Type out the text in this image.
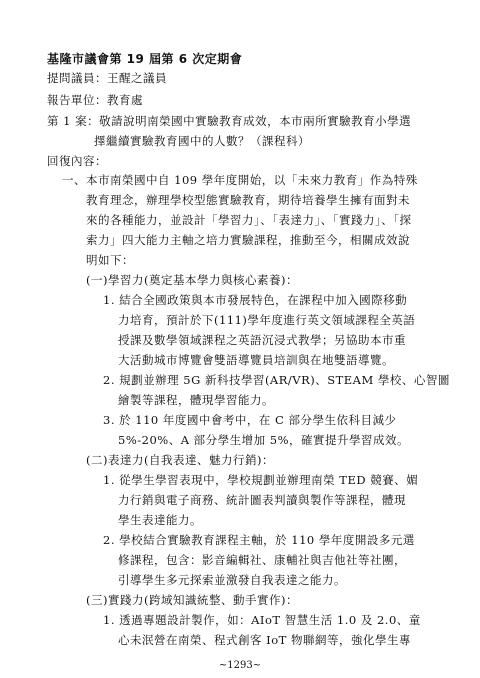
基隆市議會第 19 屆第 6 次定期會
提問議員：王醒之議員
報告單位：教育處
第 1 案：敬請說明南榮國中實驗教育成效，本市兩所實驗教育小學選
擇繼續實驗教育國中的人數？（課程科）
回復內容：
一、本市南榮國中自 109 學年度開始，以「未來力教育」作為特殊
教育理念，辦理學校型態實驗教育，期待培養學生擁有面對未
來的各種能力，並設計「學習力」、「表達力」、「實踐力」、「探
索力」四大能力主軸之培力實驗課程，推動至今，相關成效說
明如下：
(一)學習力(奠定基本學力與核心素養)：
1. 結合全國政策與本市發展特色，在課程中加入國際移動
力培育，預計於下(111)學年度進行英文領域課程全英語
授課及數學領域課程之英語沉浸式教學；另協助本市重
大活動城市博覽會雙語導覽員培訓與在地雙語導覽。
2. 規劃並辦理 5G 新科技學習(AR/VR)、STEAM 學校、心智圖
繪製等課程，體現學習能力。
3. 於 110 年度國中會考中，在 C 部分學生依科目減少
5%-20%、A 部分學生增加 5%，確實提升學習成效。
(二)表達力(自我表達、魅力行銷)：
1. 從學生學習表現中，學校規劃並辦理南榮 TED 競賽、媚
力行銷與電子商務、統計圖表判讀與製作等課程，體現
學生表達能力。
2. 學校結合實驗教育課程主軸，於 110 學年度開設多元選
修課程，包含：影音編輯社、康輔社與吉他社等社團，
引導學生多元探索並激發自我表達之能力。
(三)實踐力(跨域知識統整、動手實作)：
1. 透過專題設計製作，如：AIoT 智慧生活 1.0 及 2.0、童
心未泯營在南榮、程式創客 IoT 物聯網等，強化學生專
~1293~
